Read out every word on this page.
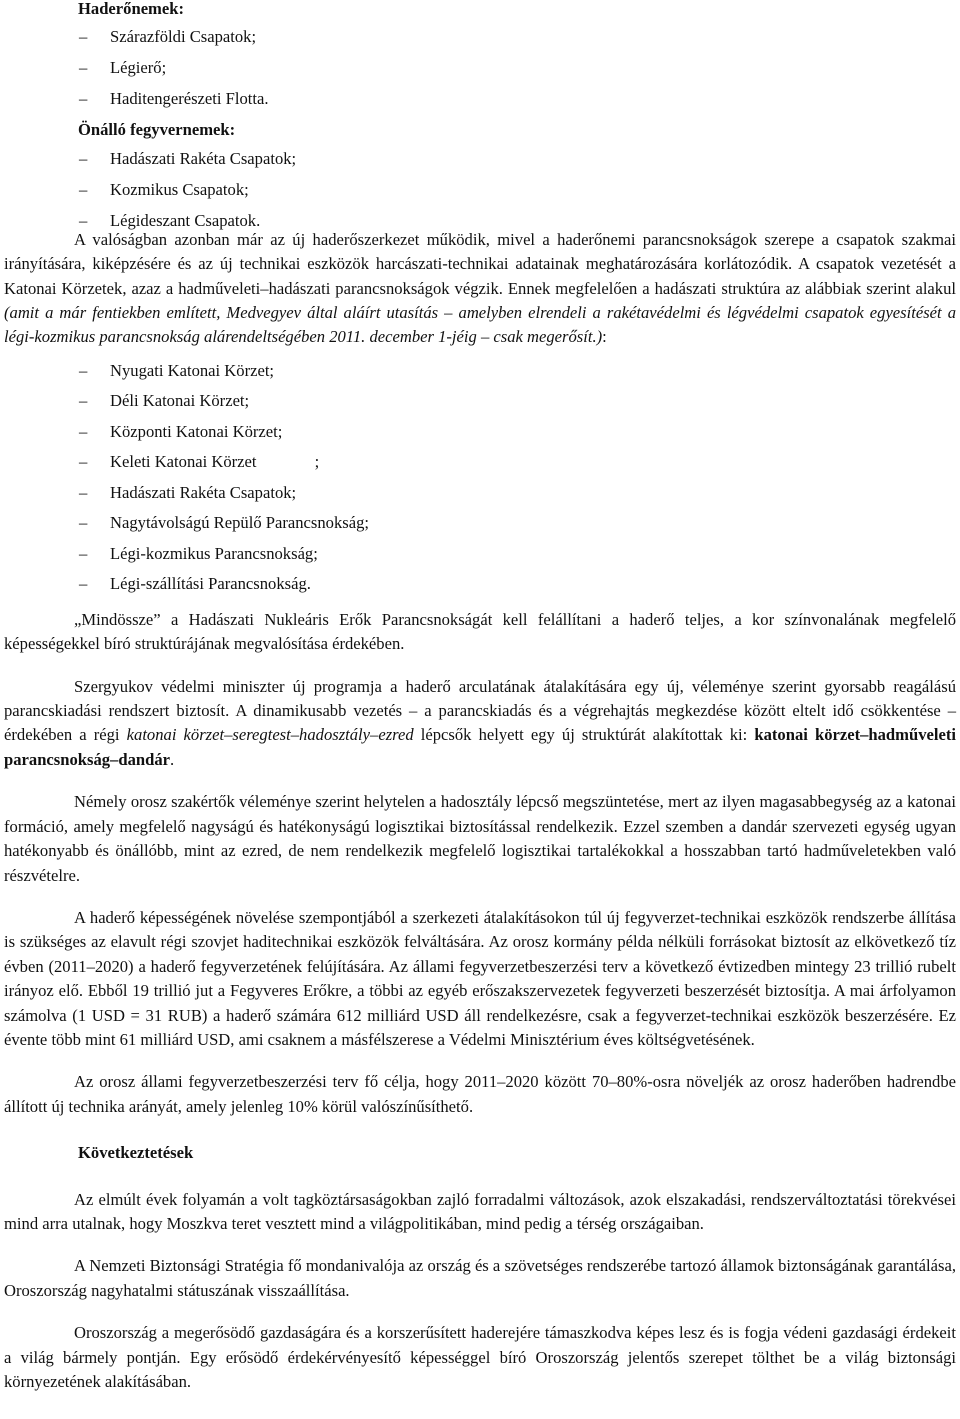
Haderőnemek:

– Szárazföldi Csapatok;
– Légierő;
– Haditengerészeti Flotta.

Önálló fegyvernemek:

– Hadászati Rakéta Csapatok;
– Kozmikus Csapatok;
– Légideszant Csapatok.

A valóságban azonban már az új haderőszerkezet működik, mivel a haderőnemi parancsnokságok szerepe a csapatok szakmai irányítására, kiképzésére és az új technikai eszközök harcászati-technikai adatainak meghatározására korlátozódik. A csapatok vezetését a Katonai Körzetek, azaz a hadműveleti–hadászati parancsnokságok végzik. Ennek megfelelően a hadászati struktúra az alábbiak szerint alakul (amit a már fentiekben említett, Medvegyev által aláírt utasítás – amelyben elrendeli a rakétavédelmi és légvédelmi csapatok egyesítését a légi-kozmikus parancsnokság alárendeltségében 2011. december 1-jéig – csak megerősít.):

– Nyugati Katonai Körzet;
– Déli Katonai Körzet;
– Központi Katonai Körzet;
– Keleti Katonai Körzet              ;
– Hadászati Rakéta Csapatok;
– Nagytávolságú Repülő Parancsnokság;
– Légi-kozmikus Parancsnokság;
– Légi-szállítási Parancsnokság.

„Mindössze” a Hadászati Nukleáris Erők Parancsnokságát kell felállítani a haderő teljes, a kor színvonalának megfelelő képességekkel bíró struktúrájának megvalósítása érdekében.

Szergyukov védelmi miniszter új programja a haderő arculatának átalakítására egy új, véleménye szerint gyorsabb reagálású parancskiadási rendszert biztosít. A dinamikusabb vezetés – a parancskiadás és a végrehajtás megkezdése között eltelt idő csökkentése – érdekében a régi katonai körzet–seregtest–hadosztály–ezred lépcsők helyett egy új struktúrát alakítottak ki: katonai körzet–hadműveleti parancsnokság–dandár.

Némely orosz szakértők véleménye szerint helytelen a hadosztály lépcső megszüntetése, mert az ilyen magasabbegység az a katonai formáció, amely megfelelő nagyságú és hatékonyságú logisztikai biztosítással rendelkezik. Ezzel szemben a dandár szervezeti egység ugyan hatékonyabb és önállóbb, mint az ezred, de nem rendelkezik megfelelő logisztikai tartalékokkal a hosszabban tartó hadműveletekben való részvételre.

A haderő képességének növelése szempontjából a szerkezeti átalakításokon túl új fegyverzet-technikai eszközök rendszerbe állítása is szükséges az elavult régi szovjet haditechnikai eszközök felváltására. Az orosz kormány példa nélküli forrásokat biztosít az elkövetkező tíz évben (2011–2020) a haderő fegyverzetének felújítására. Az állami fegyverzetbeszerzési terv a következő évtizedben mintegy 23 trillió rubelt irányoz elő. Ebből 19 trillió jut a Fegyveres Erőkre, a többi az egyéb erőszakszervezetek fegyverzeti beszerzését biztosítja. A mai árfolyamon számolva (1 USD = 31 RUB) a haderő számára 612 milliárd USD áll rendelkezésre, csak a fegyverzet-technikai eszközök beszerzésére. Ez évente több mint 61 milliárd USD, ami csaknem a másfélszerese a Védelmi Minisztérium éves költségvetésének.

Az orosz állami fegyverzetbeszerzési terv fő célja, hogy 2011–2020 között 70–80%-osra növeljék az orosz haderőben hadrendbe állított új technika arányát, amely jelenleg 10% körül valószínűsíthető.

Következtetések

Az elmúlt évek folyamán a volt tagköztársaságokban zajló forradalmi változások, azok elszakadási, rendszerváltoztatási törekvései mind arra utalnak, hogy Moszkva teret vesztett mind a világpolitikában, mind pedig a térség országaiban.

A Nemzeti Biztonsági Stratégia fő mondanivalója az ország és a szövetséges rendszerébe tartozó államok biztonságának garantálása, Oroszország nagyhatalmi státuszának visszaállítása.

Oroszország a megerősödő gazdaságára és a korszerűsített haderejére támaszkodva képes lesz és is fogja védeni gazdasági érdekeit a világ bármely pontján. Egy erősödő érdekérvényesítő képességgel bíró Oroszország jelentős szerepet tölthet be a világ biztonsági környezetének alakításában.
